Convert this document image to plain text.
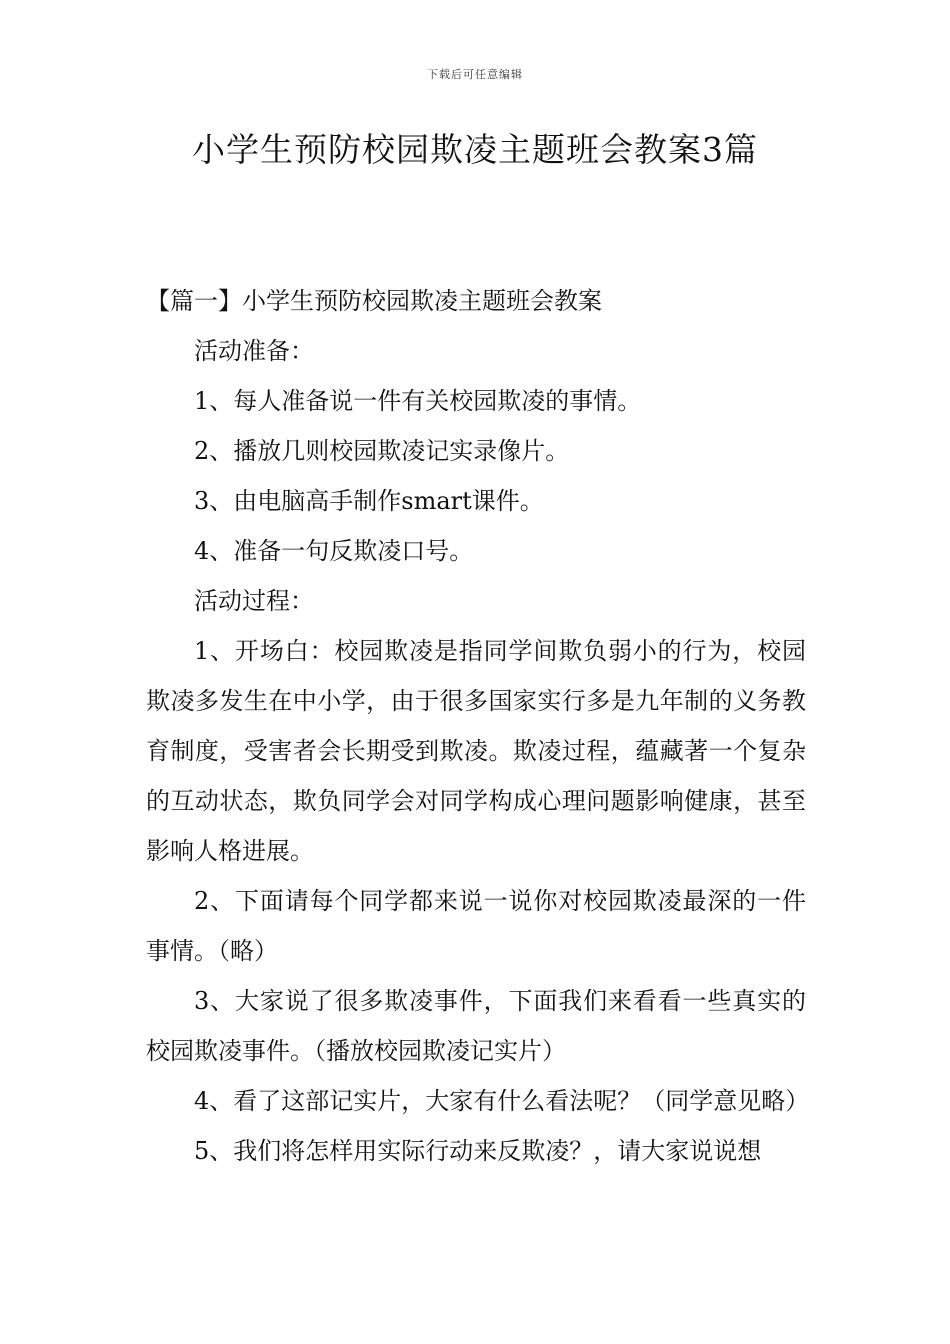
下载后可任意编辑
小学生预防校园欺凌主题班会教案3篇

【篇一】小学生预防校园欺凌主题班会教案

活动准备：

1、每人准备说一件有关校园欺凌的事情。

2、播放几则校园欺凌记实录像片。

3、由电脑高手制作smart课件。

4、准备一句反欺凌口号。

活动过程：

1、开场白：校园欺凌是指同学间欺负弱小的行为，校园欺凌多发生在中小学，由于很多国家实行多是九年制的义务教育制度，受害者会长期受到欺凌。欺凌过程，蕴藏著一个复杂的互动状态，欺负同学会对同学构成心理问题影响健康，甚至影响人格进展。

2、下面请每个同学都来说一说你对校园欺凌最深的一件事情。（略）

3、大家说了很多欺凌事件，下面我们来看看一些真实的校园欺凌事件。（播放校园欺凌记实片）

4、看了这部记实片，大家有什么看法呢？（同学意见略）

5、我们将怎样用实际行动来反欺凌？，请大家说说想
